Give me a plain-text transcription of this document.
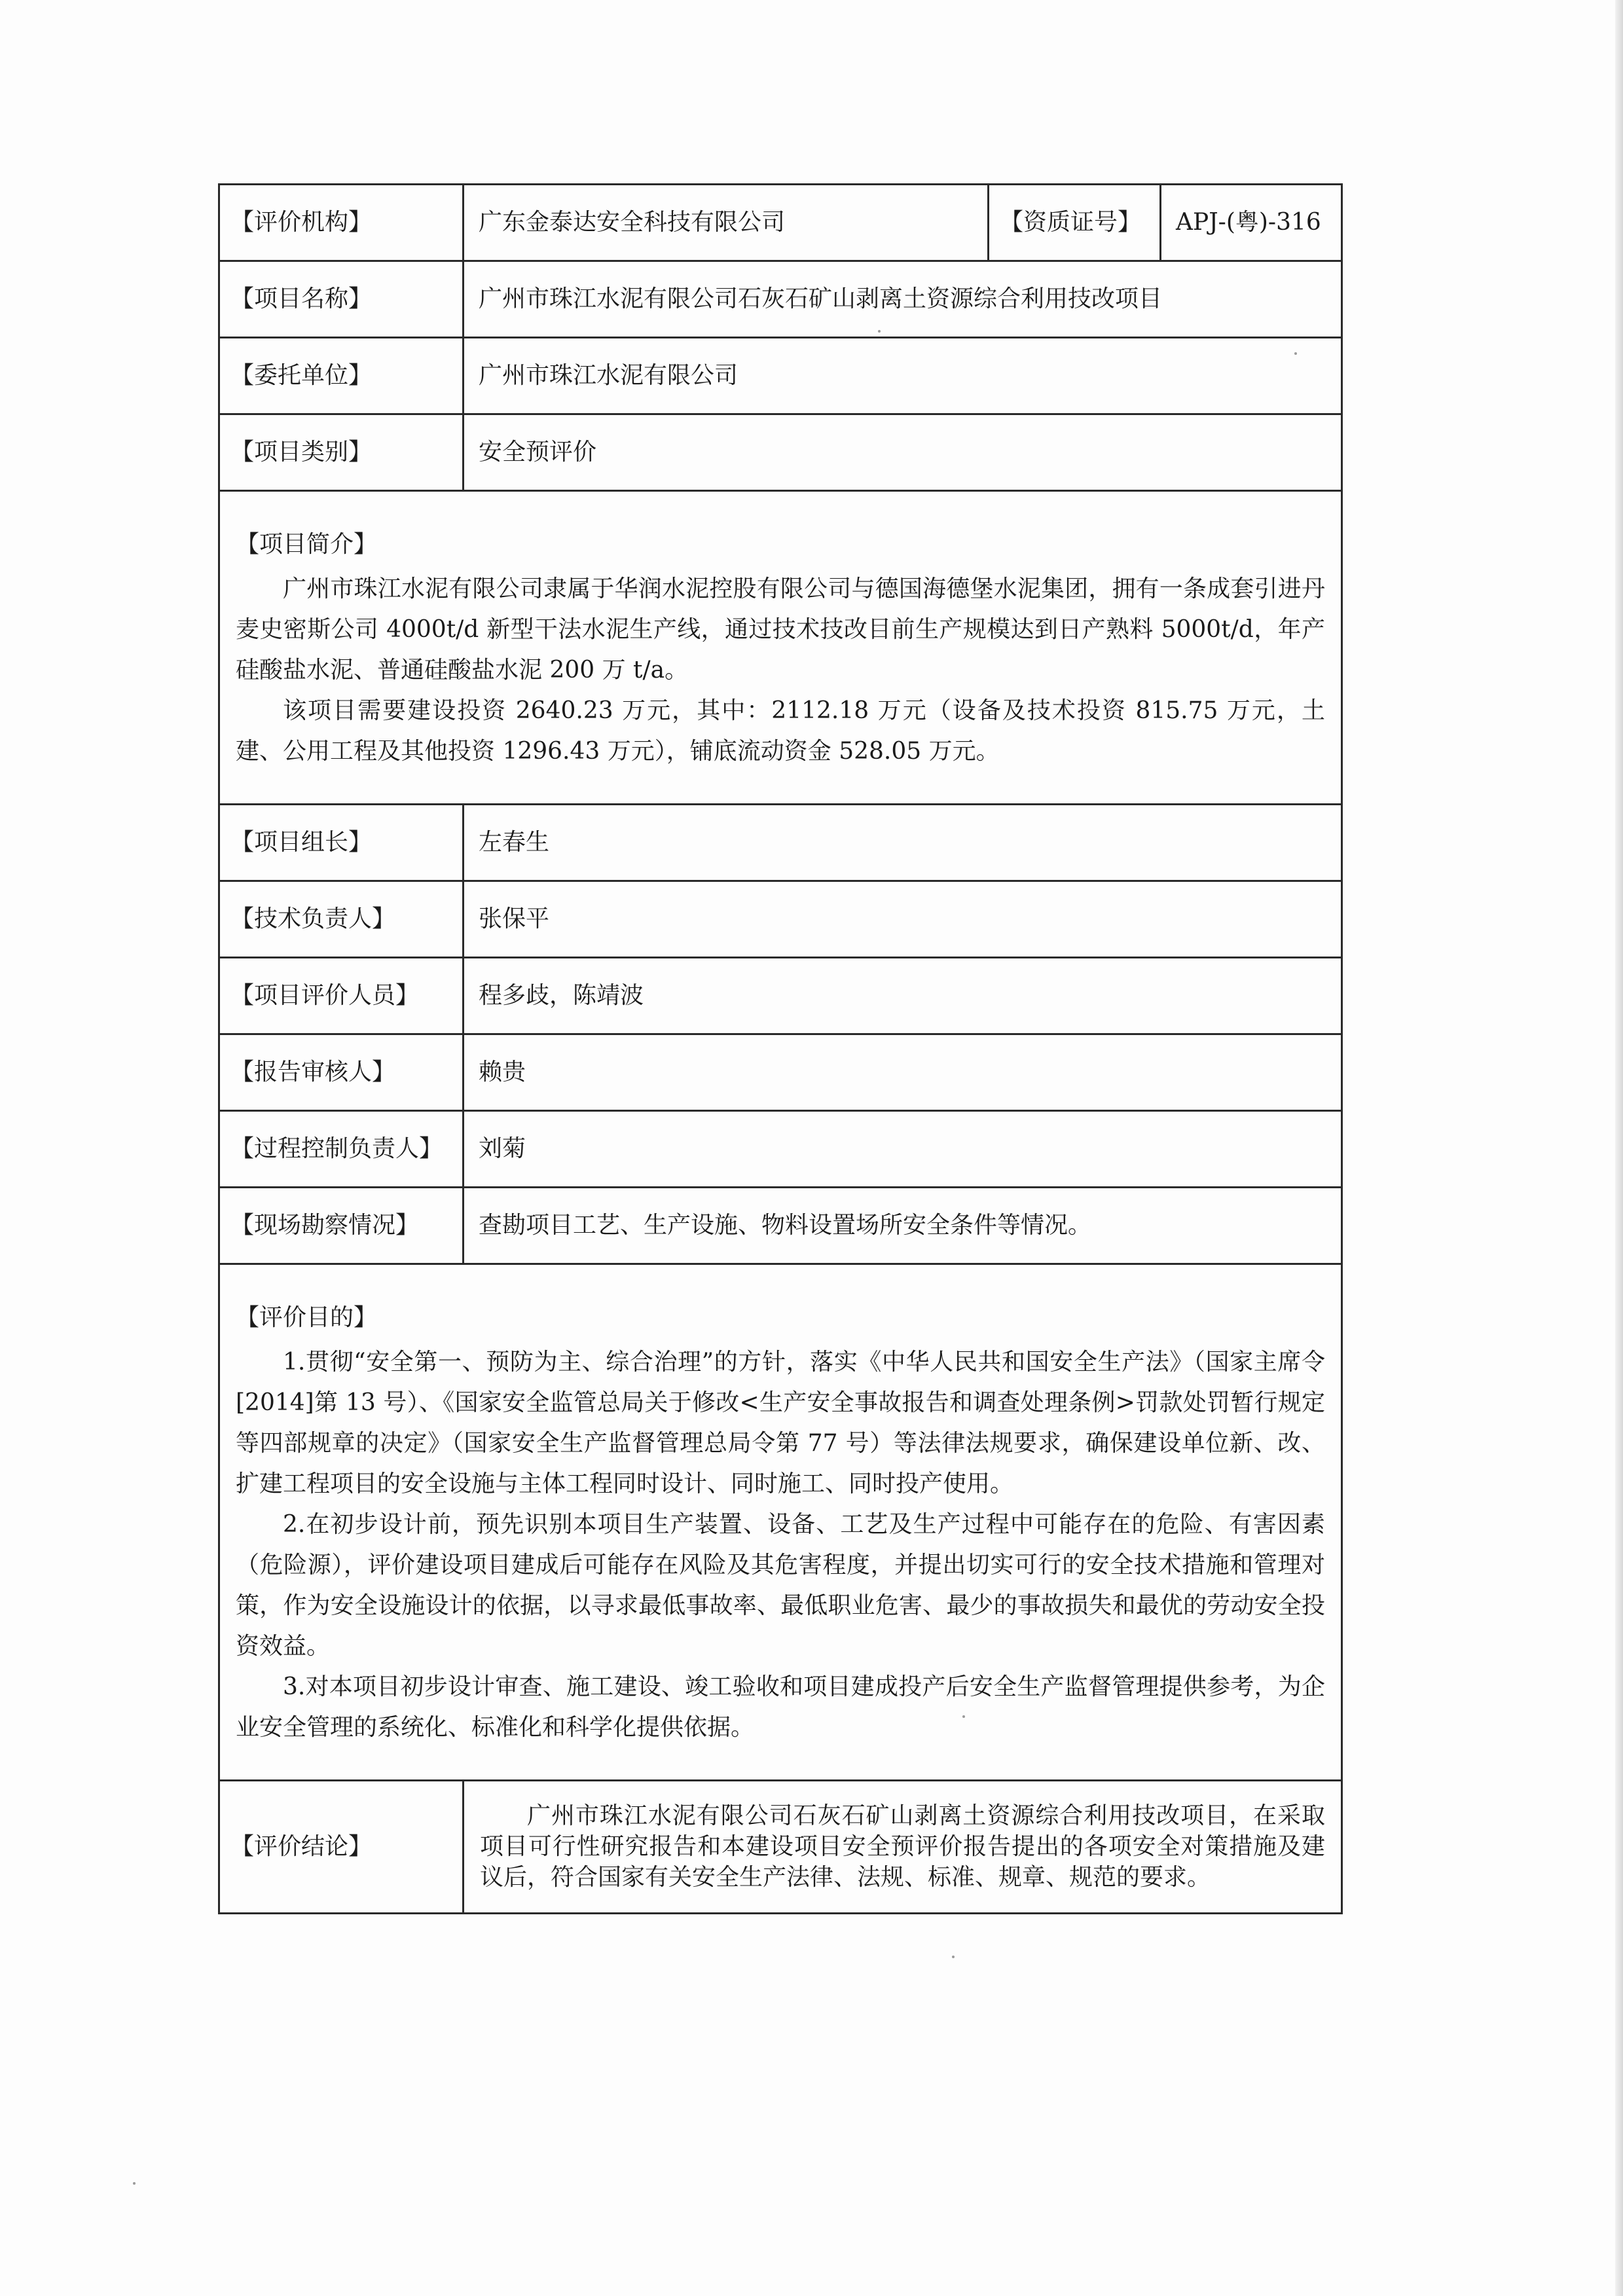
【评价机构】	广东金泰达安全科技有限公司	【资质证号】	APJ-(粤)-316
【项目名称】	广州市珠江水泥有限公司石灰石矿山剥离土资源综合利用技改项目		
【委托单位】	广州市珠江水泥有限公司		
【项目类别】	安全预评价		

【项目简介】

广州市珠江水泥有限公司隶属于华润水泥控股有限公司与德国海德堡水泥集团，拥有一条成套引进丹麦史密斯公司 4000t/d 新型干法水泥生产线，通过技术技改目前生产规模达到日产熟料 5000t/d，年产硅酸盐水泥、普通硅酸盐水泥 200 万 t/a。

该项目需要建设投资 2640.23 万元，其中：2112.18 万元（设备及技术投资 815.75 万元，土建、公用工程及其他投资 1296.43 万元），铺底流动资金 528.05 万元。			

【项目组长】	左春生		
【技术负责人】	张保平		
【项目评价人员】	程多歧，陈靖波		
【报告审核人】	赖贵		
【过程控制负责人】	刘菊		
【现场勘察情况】	查勘项目工艺、生产设施、物料设置场所安全条件等情况。		

【评价目的】

1.贯彻“安全第一、预防为主、综合治理”的方针，落实《中华人民共和国安全生产法》（国家主席令[2014]第 13 号）、《国家安全监管总局关于修改<生产安全事故报告和调查处理条例>罚款处罚暂行规定等四部规章的决定》（国家安全生产监督管理总局令第 77 号）等法律法规要求，确保建设单位新、改、扩建工程项目的安全设施与主体工程同时设计、同时施工、同时投产使用。

2.在初步设计前，预先识别本项目生产装置、设备、工艺及生产过程中可能存在的危险、有害因素（危险源），评价建设项目建成后可能存在风险及其危害程度，并提出切实可行的安全技术措施和管理对策，作为安全设施设计的依据，以寻求最低事故率、最低职业危害、最少的事故损失和最优的劳动安全投资效益。

3.对本项目初步设计审查、施工建设、竣工验收和项目建成投产后安全生产监督管理提供参考，为企业安全管理的系统化、标准化和科学化提供依据。			

【评价结论】	广州市珠江水泥有限公司石灰石矿山剥离土资源综合利用技改项目，在采取项目可行性研究报告和本建设项目安全预评价报告提出的各项安全对策措施及建议后，符合国家有关安全生产法律、法规、标准、规章、规范的要求。		
